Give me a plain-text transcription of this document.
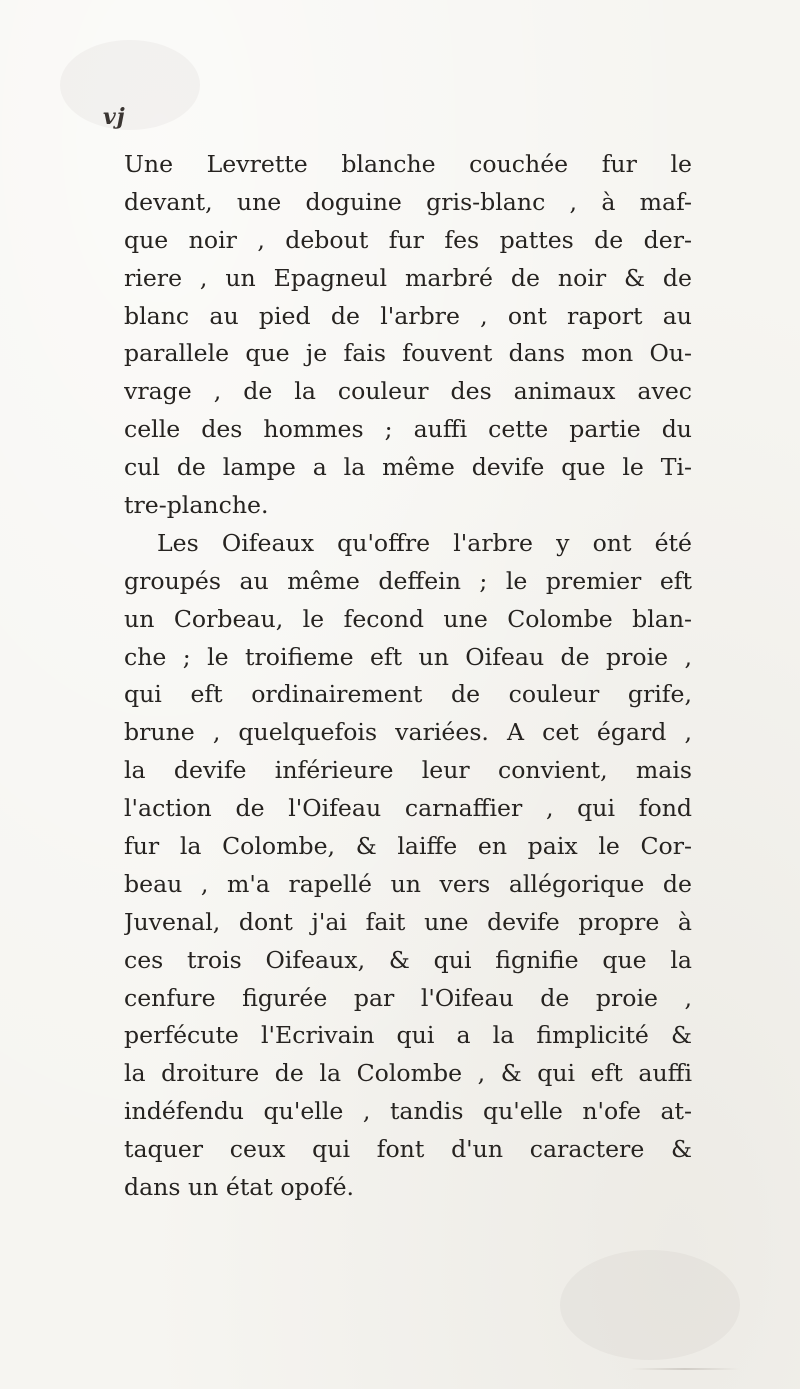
vj
Une Levrette blanche couchée fur le
devant, une doguine gris-blanc , à maf-
que noir , debout fur fes pattes de der-
riere , un Epagneul marbré de noir & de
blanc au pied de l'arbre , ont raport au
parallele que je fais fouvent dans mon Ou-
vrage , de la couleur des animaux avec
celle des hommes ; auffi cette partie du
cul de lampe a la même devife que le Ti-
tre-planche.
Les Oifeaux qu'offre l'arbre y ont été
groupés au même deffein ; le premier eft
un Corbeau, le fecond une Colombe blan-
che ; le troifieme eft un Oifeau de proie ,
qui eft ordinairement de couleur grife,
brune , quelquefois variées. A cet égard ,
la devife inférieure leur convient, mais
l'action de l'Oifeau carnaffier , qui fond
fur la Colombe, & laiffe en paix le Cor-
beau , m'a rapellé un vers allégorique de
Juvenal, dont j'ai fait une devife propre à
ces trois Oifeaux, & qui fignifie que la
cenfure figurée par l'Oifeau de proie ,
perfécute l'Ecrivain qui a la fimplicité &
la droiture de la Colombe , & qui eft auffi
indéfendu qu'elle , tandis qu'elle n'ofe at-
taquer ceux qui font d'un caractere &
dans un état opofé.
